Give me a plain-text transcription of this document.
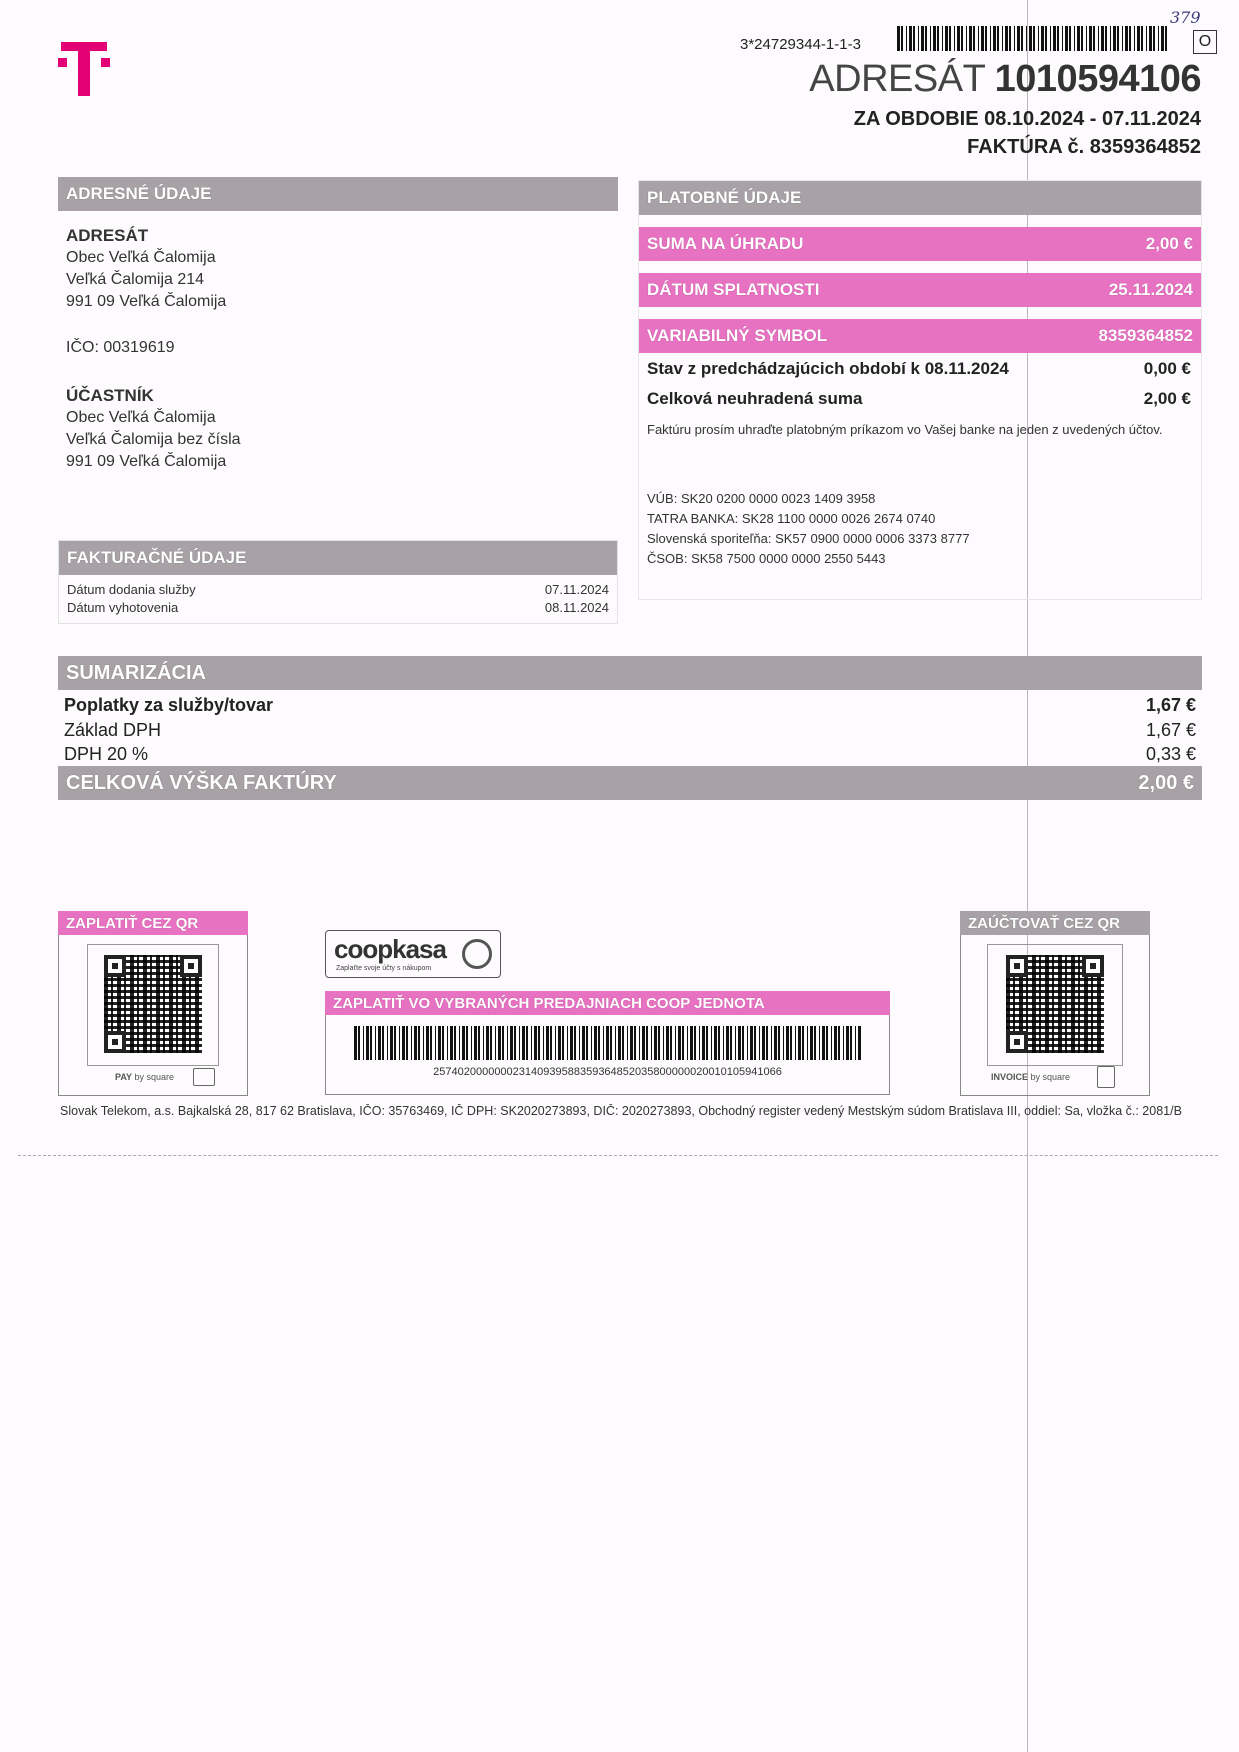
3*24729344-1-1-3
379
O
ADRESÁT 1010594106
ZA OBDOBIE 08.10.2024 - 07.11.2024
FAKTÚRA č. 8359364852
ADRESNÉ ÚDAJE
ADRESÁT
Obec Veľká Čalomija
Veľká Čalomija 214
991 09 Veľká Čalomija
IČO: 00319619
ÚČASTNÍK
Obec Veľká Čalomija
Veľká Čalomija bez čísla
991 09 Veľká Čalomija
FAKTURAČNÉ ÚDAJE
Dátum dodania služby	07.11.2024
Dátum vyhotovenia	08.11.2024
PLATOBNÉ ÚDAJE
SUMA NA ÚHRADU	2,00 €
DÁTUM SPLATNOSTI	25.11.2024
VARIABILNÝ SYMBOL	8359364852
Stav z predchádzajúcich období k 08.11.2024	0,00 €
Celková neuhradená suma	2,00 €
Faktúru prosím uhraďte platobným príkazom vo Vašej banke na jeden z uvedených účtov.
VÚB: SK20 0200 0000 0023 1409 3958
TATRA BANKA: SK28 1100 0000 0026 2674 0740
Slovenská sporiteľňa: SK57 0900 0000 0006 3373 8777
ČSOB: SK58 7500 0000 0000 2550 5443
SUMARIZÁCIA
Poplatky za služby/tovar	1,67 €
Základ DPH	1,67 €
DPH 20 %	0,33 €
CELKOVÁ VÝŠKA FAKTÚRY	2,00 €
ZAPLATIŤ CEZ QR
PAY by square
coopkasa
Zaplaťte svoje účty s nákupom
ZAPLATIŤ VO VYBRANÝCH PREDAJNIACH COOP JEDNOTA
257402000000023140939588359364852035800000020010105941066
ZAÚČTOVAŤ CEZ QR
INVOICE by square
Slovak Telekom, a.s. Bajkalská 28, 817 62 Bratislava, IČO: 35763469, IČ DPH: SK2020273893, DIČ: 2020273893, Obchodný register vedený Mestským súdom Bratislava III, oddiel: Sa, vložka č.: 2081/B
